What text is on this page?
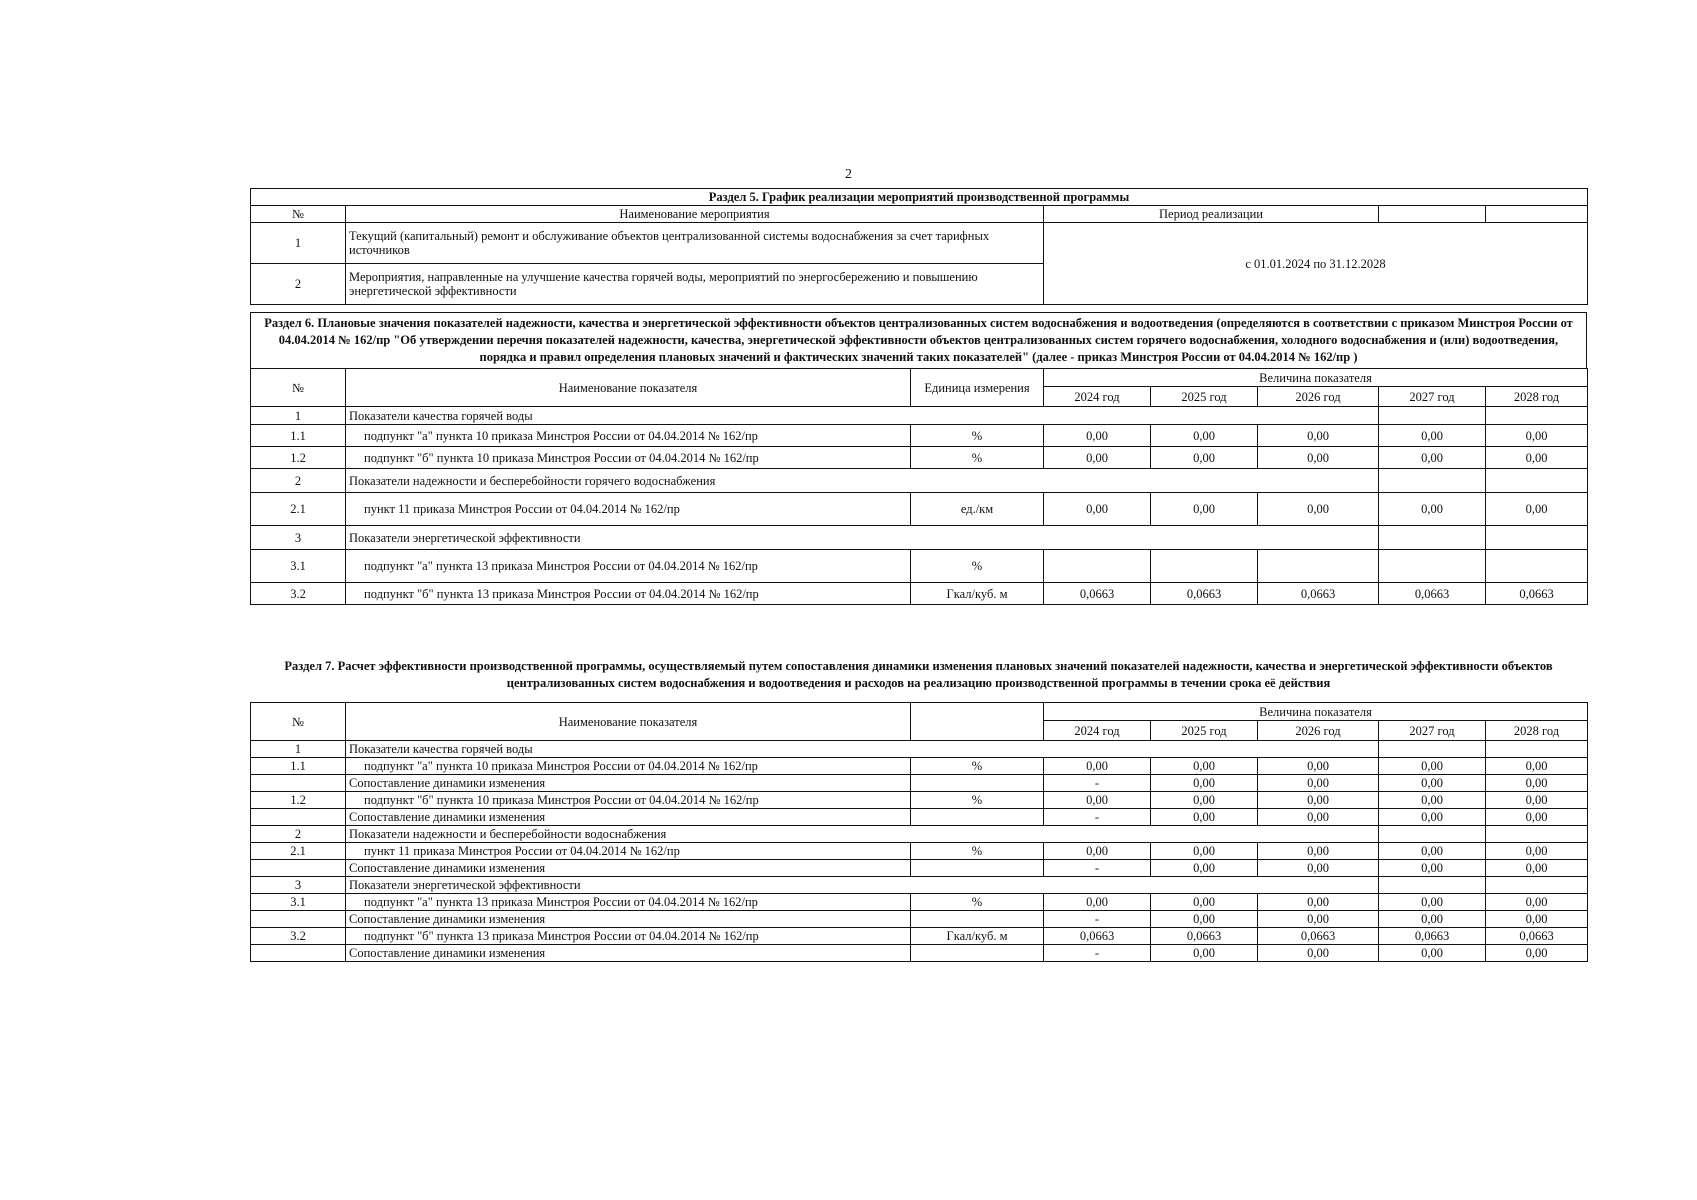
2
Раздел 5. График реализации мероприятий производственной программы				
№	Наименование мероприятия	Период реализации		
1	Текущий (капитальный) ремонт и обслуживание объектов централизованной системы водоснабжения за счет тарифных источников	с 01.01.2024 по 31.12.2028		
2	Мероприятия, направленные на улучшение качества горячей воды, мероприятий по энергосбережению и повышению энергетической эффективности			
Раздел 6. Плановые значения показателей надежности, качества и энергетической эффективности объектов централизованных систем водоснабжения и водоотведения (определяются в соответствии с приказом Минстроя России от 04.04.2014 № 162/пр "Об утверждении перечня показателей надежности, качества, энергетической эффективности объектов централизованных систем горячего водоснабжения, холодного водоснабжения и (или) водоотведения, порядка и правил определения плановых значений и фактических значений таких показателей" (далее - приказ Минстроя России от 04.04.2014 № 162/пр )
№	Наименование показателя	Единица измерения	Величина показателя				
			2024 год	2025 год	2026 год	2027 год	2028 год
1	Показатели качества горячей воды						
1.1	подпункт "а" пункта 10 приказа Минстроя России от 04.04.2014 № 162/пр	%	0,00	0,00	0,00	0,00	0,00
1.2	подпункт "б" пункта 10 приказа Минстроя России от 04.04.2014 № 162/пр	%	0,00	0,00	0,00	0,00	0,00
2	Показатели надежности и бесперебойности горячего водоснабжения						
2.1	пункт 11 приказа Минстроя России от 04.04.2014 № 162/пр	ед./км	0,00	0,00	0,00	0,00	0,00
3	Показатели энергетической эффективности						
3.1	подпункт "а" пункта 13 приказа Минстроя России от 04.04.2014 № 162/пр	%					
3.2	подпункт "б" пункта 13 приказа Минстроя России от 04.04.2014 № 162/пр	Гкал/куб. м	0,0663	0,0663	0,0663	0,0663	0,0663
Раздел 7. Расчет эффективности производственной программы, осуществляемый путем сопоставления динамики изменения плановых значений показателей надежности, качества и энергетической эффективности объектов централизованных систем водоснабжения и водоотведения и расходов на реализацию производственной программы в течении срока её действия
№	Наименование показателя		Величина показателя				
			2024 год	2025 год	2026 год	2027 год	2028 год
1	Показатели качества горячей воды						
1.1	подпункт "а" пункта 10 приказа Минстроя России от 04.04.2014 № 162/пр	%	0,00	0,00	0,00	0,00	0,00
	Сопоставление динамики изменения		-	0,00	0,00	0,00	0,00
1.2	подпункт "б" пункта 10 приказа Минстроя России от 04.04.2014 № 162/пр	%	0,00	0,00	0,00	0,00	0,00
	Сопоставление динамики изменения		-	0,00	0,00	0,00	0,00
2	Показатели надежности и бесперебойности водоснабжения						
2.1	пункт 11 приказа Минстроя России от 04.04.2014 № 162/пр	%	0,00	0,00	0,00	0,00	0,00
	Сопоставление динамики изменения		-	0,00	0,00	0,00	0,00
3	Показатели энергетической эффективности						
3.1	подпункт "а" пункта 13 приказа Минстроя России от 04.04.2014 № 162/пр	%	0,00	0,00	0,00	0,00	0,00
	Сопоставление динамики изменения		-	0,00	0,00	0,00	0,00
3.2	подпункт "б" пункта 13 приказа Минстроя России от 04.04.2014 № 162/пр	Гкал/куб. м	0,0663	0,0663	0,0663	0,0663	0,0663
	Сопоставление динамики изменения		-	0,00	0,00	0,00	0,00
